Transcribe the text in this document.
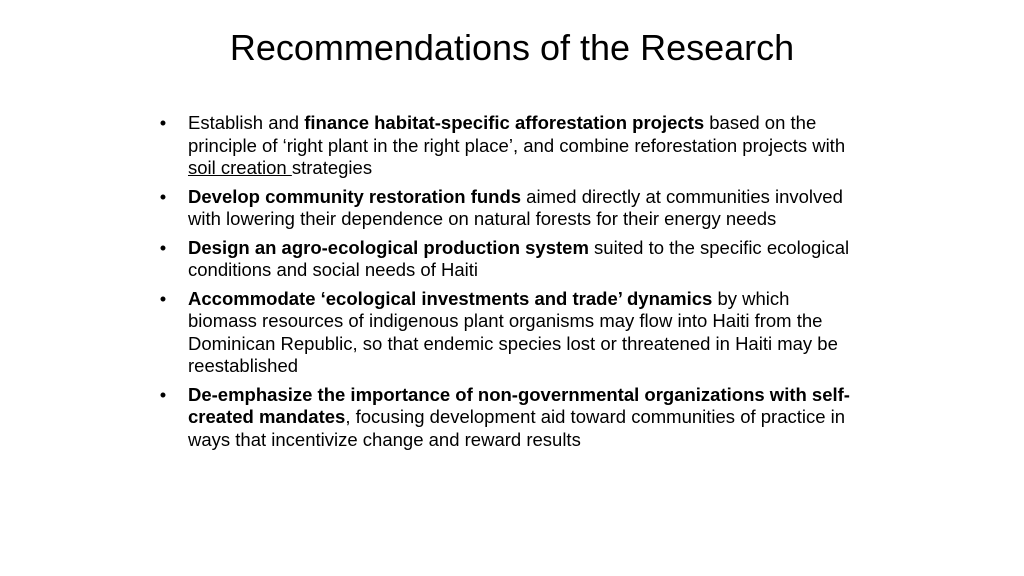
Recommendations of the Research
• Establish and finance habitat-specific afforestation projects based on the principle of ‘right plant in the right place’, and combine reforestation projects with soil creation strategies
• Develop community restoration funds aimed directly at communities involved with lowering their dependence on natural forests for their energy needs
• Design an agro-ecological production system suited to the specific ecological conditions and social needs of Haiti
• Accommodate ‘ecological investments and trade’ dynamics by which biomass resources of indigenous plant organisms may flow into Haiti from the Dominican Republic, so that endemic species lost or threatened in Haiti may be reestablished
• De-emphasize the importance of non-governmental organizations with self-created mandates, focusing development aid toward communities of practice in ways that incentivize change and reward results
